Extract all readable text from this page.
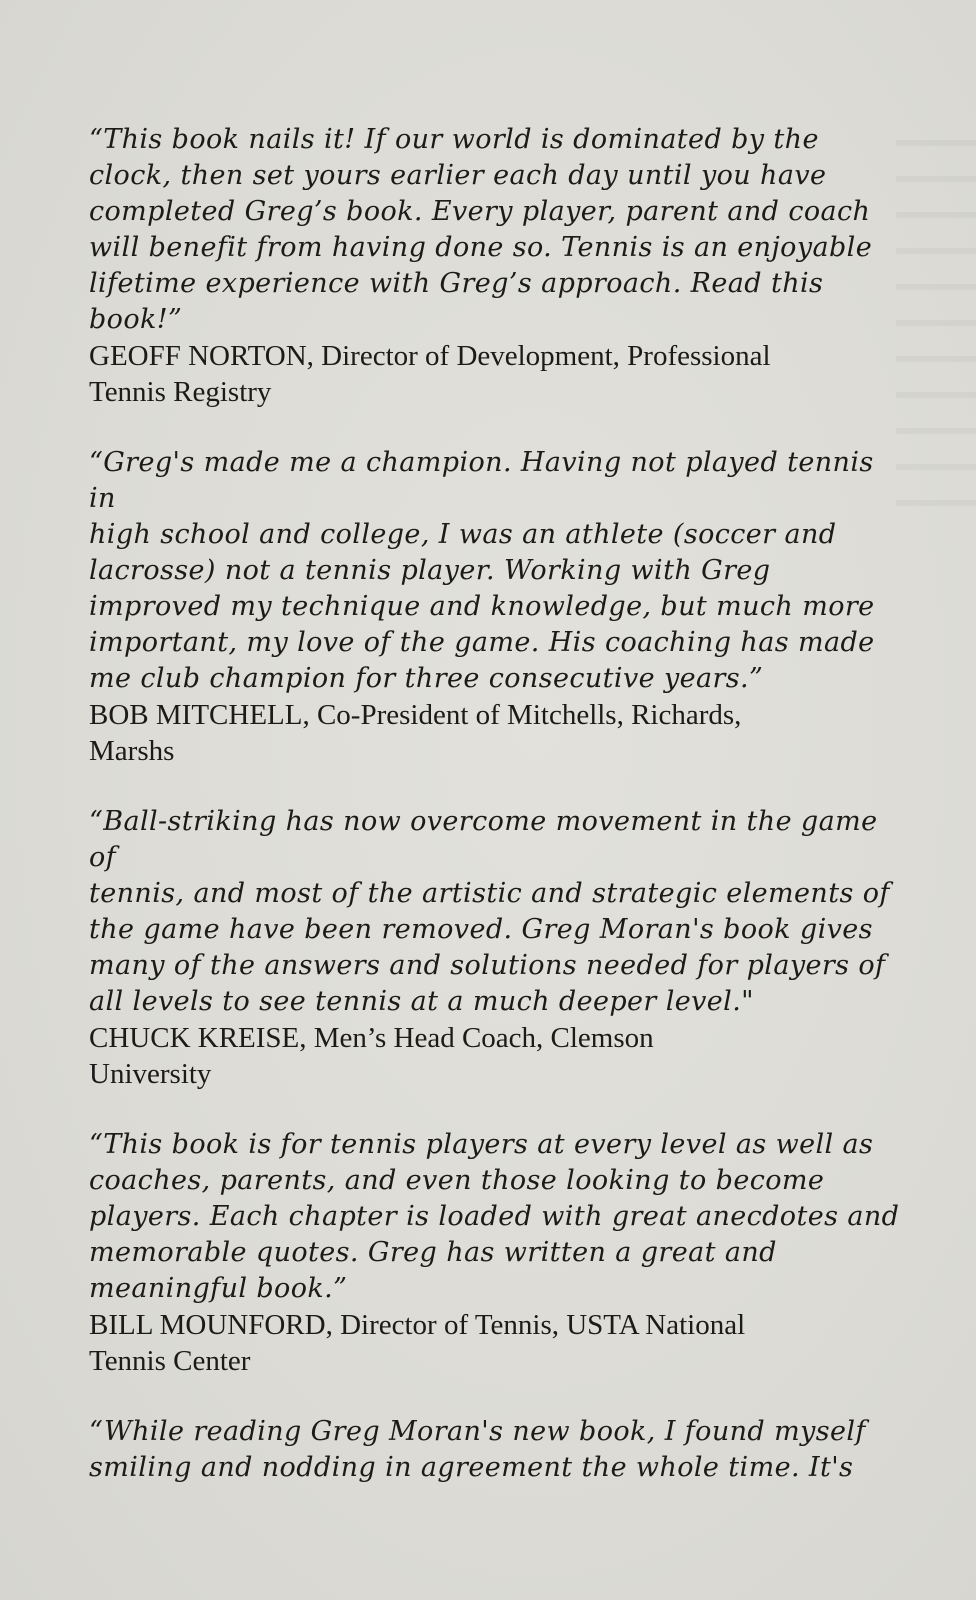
“This book nails it! If our world is dominated by the
clock, then set yours earlier each day until you have
completed Greg’s book. Every player, parent and coach
will benefit from having done so. Tennis is an enjoyable
lifetime experience with Greg’s approach. Read this
book!”

GEOFF NORTON, Director of Development, Professional
Tennis Registry

“Greg's made me a champion. Having not played tennis in
high school and college, I was an athlete (soccer and
lacrosse) not a tennis player. Working with Greg
improved my technique and knowledge, but much more
important, my love of the game. His coaching has made
me club champion for three consecutive years.”

BOB MITCHELL, Co-President of Mitchells, Richards,
Marshs

“Ball-striking has now overcome movement in the game of
tennis, and most of the artistic and strategic elements of
the game have been removed. Greg Moran's book gives
many of the answers and solutions needed for players of
all levels to see tennis at a much deeper level."

CHUCK KREISE, Men’s Head Coach, Clemson
University

“This book is for tennis players at every level as well as
coaches, parents, and even those looking to become
players. Each chapter is loaded with great anecdotes and
memorable quotes. Greg has written a great and
meaningful book.”

BILL MOUNFORD, Director of Tennis, USTA National
Tennis Center

“While reading Greg Moran's new book, I found myself
smiling and nodding in agreement the whole time. It's
